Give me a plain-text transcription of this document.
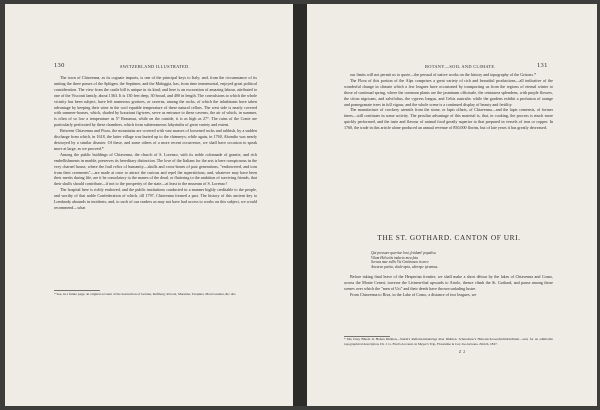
130	SWITZERLAND ILLUSTRATED.

The town of Chiavenna, as its cognate imports, is one of the principal keys to Italy; and, from the circumstance of its uniting the three passes of the Splügen, the Septimer, and the Maloggia, has, from time immemorial, enjoyed great political consideration. The view from the castle hill is unique in its kind; and here is an excavation of amazing labour, attributed to one of the Visconti family, about 1363. It is 130 feet deep, 30 broad, and 400 in length. The convulsions to which the whole vicinity has been subject, have left numerous grottoes, or caverns, among the rocks, of which the inhabitants have taken advantage by keeping their wine in the cool equable temperature of these natural cellars. The west side is nearly covered with summer-houses, which, shaded by luxuriant fig-trees, serve as entrance to these caverns, the air of which, in summer, is often of so low a temperature as 5° Reaumur, while on the outside, it is as high as 27°. The ruins of the Conte are particularly perforated by these chambers, which form subterraneous labyrinths of great variety and extent.

Between Chiavenna and Piuro, the mountains are covered with vast masses of loosened rocks and rubbish, by a sudden discharge from which, in 1618, the latter village was buried up to the chimneys; while again, in 1760, Abondio was nearly destroyed by a similar disaster. Of these, and some others of a more recent occurrence, we shall have occasion to speak more at large, as we proceed.*

Among the public buildings of Chiavenna, the church of S. Lorenzo, with its noble colonnade of granite, and rich embellishments in marble, preserves its hereditary distinction. The love of the Italians for the arts is here conspicuous in the very charnel house, where the frail relics of humanity—skulls and cross-bones of past generations, "embowered, and torn from their cerements"—are made at once to attract the curious and repel the superstitious; and, whatever may have been their merits during life, are it be consolatory to the manes of the dead, or flattering to the ambition of surviving friends, that their skulls should contribute—if not to the prosperity of the state—at least to the museum of S. Lorenzo!

The hospital here is richly endowed, and the public institutions conducted in a manner highly creditable to the people, and worthy of that noble Confederation of which, till 1797, Chiavenna formed a part. The history of this ancient key to Lombardy abounds in incidents; and, to such of our readers as may not have had access to works on this subject, we would recommend—what

* See, in a future page, an original account of the destruction of Goldau, Rufiberg, Rovola, Marenna, Tarquina, Mont Grenier, &c. &c.
BOTANY—SOIL AND CLIMATE.	131

our limits will not permit us to quote—the perusal of native works on the history and topography of the Grisons.*

The Flora of this portion of the Alps comprises a great variety of rich and beautiful productions—all indicative of the wonderful change in climate which a few leagues have occasioned by transporting us from the regions of eternal winter to those of continual spring, where the common plants are the jasminum officinale, the centaurea splendens, with purple flowers, the citrus nigricans, and salvifolius, the cypress longus, and Celtis australis: while the gardens exhibit a profusion of orange and pomegranate trees in full vigour, and the whole scene is a continued display of beauty and fertility.

The manufacture of crockery utensils from the stone, or lapis ollaris, of Chiavenna—and the lapis comensis, of former times—still continues in some activity. The peculiar advantage of this material is, that, in cooking, the process is much more quickly performed, and the taste and flavour of animal food greatly superior to that prepared in vessels of iron or copper. In 1760, the trade in this article alone produced an annual revenue of 850,000 florins, but of late years it has greatly decreased.

THE ST. GOTHARD. CANTON OF URI.
Qui pressure queritur loni, fetidum! populisu
Vilum Helvetiis inducto mea fata
Scenas mae tollis Vix Graitianos in arce
Ancurae parita, vlade-apia, alternpe tyrannus.

Before taking final leave of the Hesperian frontier, we shall make a short détour by the lakes of Chiavenna and Como, across the Monte Ceneri, traverse the Livinen-thal upwards to Airolo, thence climb the St. Gothard, and pause among those scenes over which the "men of Uri" and their deeds have thrown unfading lustre.

From Chiavenna to Riva, in the Lake of Como, a distance of two leagues, we

* Die Drey Bünde in Hohen Rhätien—Sturm's Reflexionsbeiträge über Rhätien. Scheuchzer's Historisch-Geschichtsbüchlein—and, for an admirable topographical description, Dr. J. G. Ebel's Account, in Meyer's Trip, Florentine le Cex Joe-Grisons. Zürich, 1827.
Z 2
